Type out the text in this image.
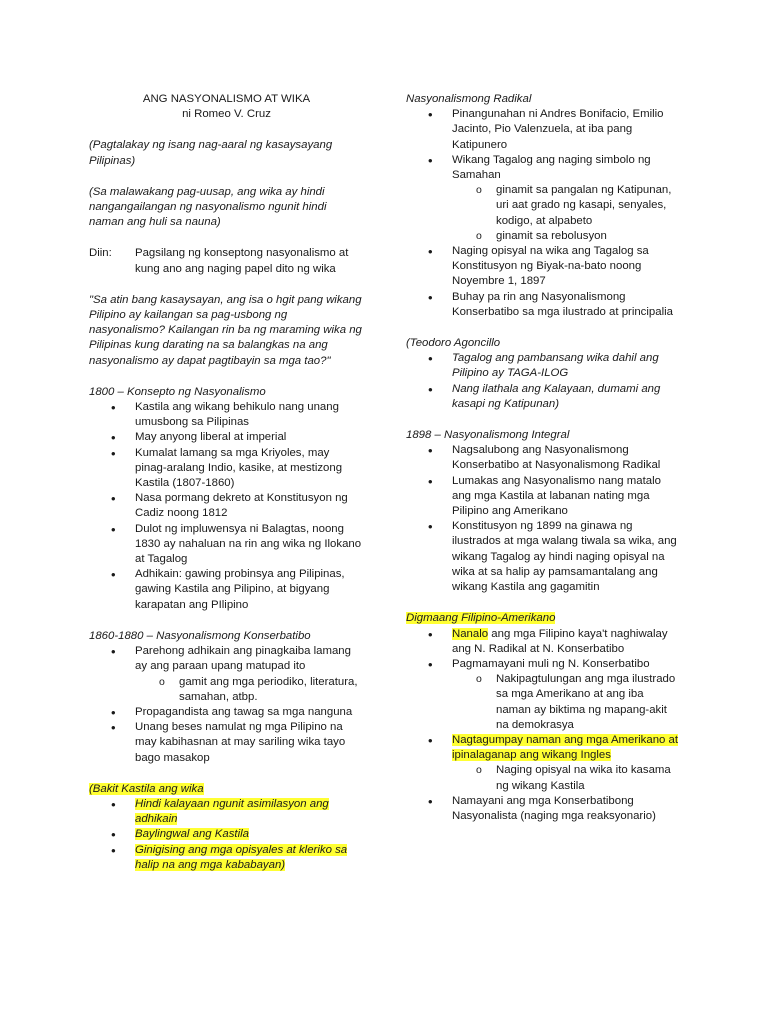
ANG NASYONALISMO AT WIKA
ni Romeo V. Cruz

(Pagtalakay ng isang nag-aaral ng kasaysayang Pilipinas)

(Sa malawakang pag-uusap, ang wika ay hindi nangangailangan ng nasyonalismo ngunit hindi naman ang huli sa nauna)

Diin:	Pagsilang ng konseptong nasyonalismo at kung ano ang naging papel dito ng wika

"Sa atin bang kasaysayan, ang isa o hgit pang wikang Pilipino ay kailangan sa pag-usbong ng nasyonalismo? Kailangan rin ba ng maraming wika ng Pilipinas kung darating na sa balangkas na ang nasyonalismo ay dapat pagtibayin sa mga tao?"

1800 – Konsepto ng Nasyonalismo
• Kastila ang wikang behikulo nang unang umusbong sa Pilipinas
• May anyong liberal at imperial
• Kumalat lamang sa mga Kriyoles, may pinag-aralang Indio, kasike, at mestizong Kastila (1807-1860)
• Nasa pormang dekreto at Konstitusyon ng Cadiz noong 1812
• Dulot ng impluwensya ni Balagtas, noong 1830 ay nahaluan na rin ang wika ng Ilokano at Tagalog
• Adhikain: gawing probinsya ang Pilipinas, gawing Kastila ang Pilipino, at bigyang karapatan ang PIlipino
1860-1880 – Nasyonalismong Konserbatibo
• Parehong adhikain ang pinagkaiba lamang ay ang paraan upang matupad ito
o gamit ang mga periodiko, literatura, samahan, atbp.
• Propagandista ang tawag sa mga nanguna
• Unang beses namulat ng mga Pilipino na may kabihasnan at may sariling wika tayo bago masakop
(Bakit Kastila ang wika
• Hindi kalayaan ngunit asimilasyon ang adhikain
• Baylingwal ang Kastila
• Ginigising ang mga opisyales at kleriko sa halip na ang mga kababayan)
Nasyonalismong Radikal
• Pinangunahan ni Andres Bonifacio, Emilio Jacinto, Pio Valenzuela, at iba pang Katipunero
• Wikang Tagalog ang naging simbolo ng Samahan
o ginamit sa pangalan ng Katipunan, uri aat grado ng kasapi, senyales, kodigo, at alpabeto
o ginamit sa rebolusyon
• Naging opisyal na wika ang Tagalog sa Konstitusyon ng Biyak-na-bato noong Noyembre 1, 1897
• Buhay pa rin ang Nasyonalismong Konserbatibo sa mga ilustrado at principalia
(Teodoro Agoncillo
• Tagalog ang pambansang wika dahil ang Pilipino ay TAGA-ILOG
• Nang ilathala ang Kalayaan, dumami ang kasapi ng Katipunan)
1898 – Nasyonalismong Integral
• Nagsalubong ang Nasyonalismong Konserbatibo at Nasyonalismong Radikal
• Lumakas ang Nasyonalismo nang matalo ang mga Kastila at labanan nating mga Pilipino ang Amerikano
• Konstitusyon ng 1899 na ginawa ng ilustrados at mga walang tiwala sa wika, ang wikang Tagalog ay hindi naging opisyal na wika at sa halip ay pamsamantalang ang wikang Kastila ang gagamitin
Digmaang Filipino-Amerikano
• Nanalo ang mga Filipino kaya't naghiwalay ang N. Radikal at N. Konserbatibo
• Pagmamayani muli ng N. Konserbatibo
o Nakipagtulungan ang mga ilustrado sa mga Amerikano at ang iba naman ay biktima ng mapang-akit na demokrasya
• Nagtagumpay naman ang mga Amerikano at ipinalaganap ang wikang Ingles
o Naging opisyal na wika ito kasama ng wikang Kastila
• Namayani ang mga Konserbatibong Nasyonalista (naging mga reaksyonario)
